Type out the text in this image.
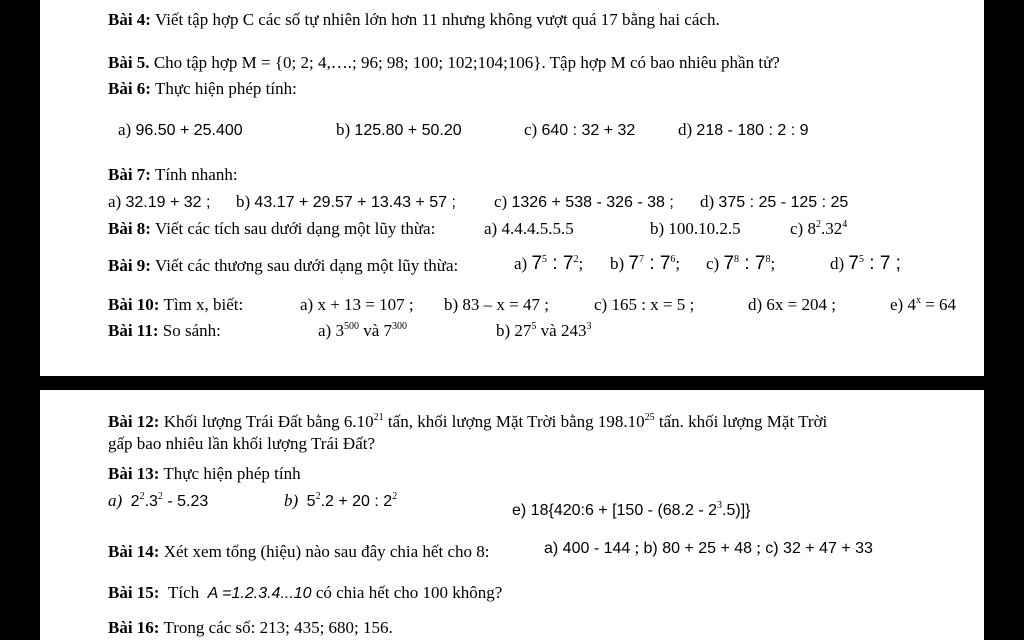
Bài 4: Viết tập hợp C các số tự nhiên lớn hơn 11 nhưng không vượt quá 17 bằng hai cách.
Bài 5. Cho tập hợp M = {0; 2; 4,….; 96; 98; 100; 102;104;106}. Tập hợp M có bao nhiêu phần tử?
Bài 6: Thực hiện phép tính:
a) 96.50 + 25.400	b) 125.80 + 50.20	c) 640 : 32 + 32	d) 218 - 180 : 2 : 9
Bài 7: Tính nhanh:
a) 32.19 + 32 ; b) 43.17 + 29.57 + 13.43 + 57 ; c) 1326 + 538 - 326 - 38 ; d) 375 : 25 - 125 : 25
Bài 8: Viết các tích sau dưới dạng một lũy thừa:	a) 4.4.4.5.5.5	b) 100.10.2.5	c) $8^2.32^4$
Bài 9: Viết các thương sau dưới dạng một lũy thừa:	a) $7^5$ : $7^2$; b) $7^7$ : $7^6$; c) $7^8$ : $7^8$;	d) $7^5$ : 7 ;
Bài 10: Tìm x, biết:	a) x + 13 = 107 ; b) 83 – x = 47 ;	c) 165 : x = 5 ;	d) 6x = 204 ;	e) $4^x = 64$
Bài 11: So sánh:	a) $3^{500}$ và $7^{300}$	b) $27^5$ và $243^3$
Bài 12: Khối lượng Trái Đất bằng 6.10$^{21}$ tấn, khối lượng Mặt Trời bằng 198.10$^{25}$ tấn. khối lượng Mặt Trời
gấp bao nhiêu lần khối lượng Trái Đất?
Bài 13: Thực hiện phép tính
a) $2^2.3^2 - 5.23$	b) $5^2.2 + 20$ : $2^2$
e) 18{420:6 + $[150 - (68.2 - 2^3.5)]$}
Bài 14: Xét xem tổng (hiệu) nào sau đây chia hết cho 8:	a) 400 - 144 ; b) 80 + 25 + 48 ; c) 32 + 47 + 33
Bài 15: Tích A =1.2.3.4...10 có chia hết cho 100 không?
Bài 16: Trong các số: 213; 435; 680; 156.
